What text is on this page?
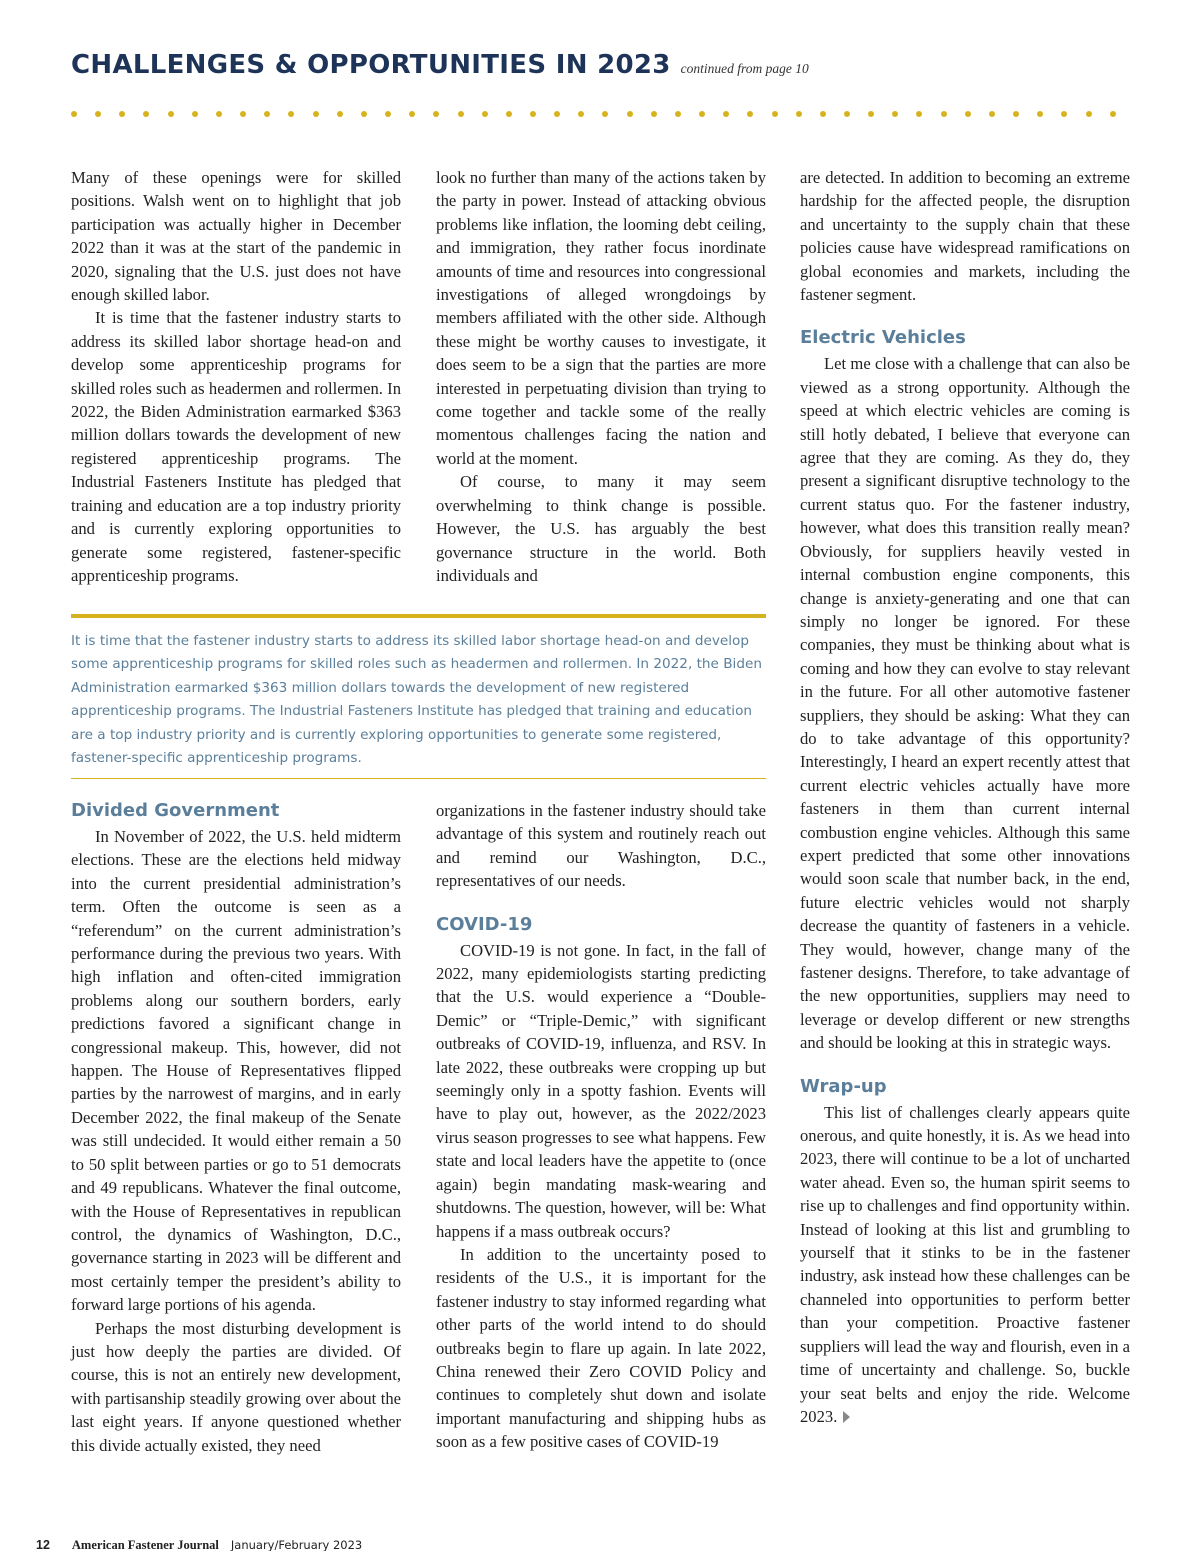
CHALLENGES & OPPORTUNITIES IN 2023 continued from page 10

Many of these openings were for skilled positions. Walsh went on to highlight that job participation was actually higher in December 2022 than it was at the start of the pandemic in 2020, signaling that the U.S. just does not have enough skilled labor.

It is time that the fastener industry starts to address its skilled labor shortage head-on and develop some apprenticeship programs for skilled roles such as headermen and rollermen. In 2022, the Biden Administration earmarked $363 million dollars towards the development of new registered apprenticeship programs. The Industrial Fasteners Institute has pledged that training and education are a top industry priority and is currently exploring opportunities to generate some registered, fastener-specific apprenticeship programs.

look no further than many of the actions taken by the party in power. Instead of attacking obvious problems like inflation, the looming debt ceiling, and immigration, they rather focus inordinate amounts of time and resources into congressional investigations of alleged wrongdoings by members affiliated with the other side. Although these might be worthy causes to investigate, it does seem to be a sign that the parties are more interested in perpetuating division than trying to come together and tackle some of the really momentous challenges facing the nation and world at the moment.

Of course, to many it may seem overwhelming to think change is possible. However, the U.S. has arguably the best governance structure in the world. Both individuals and

It is time that the fastener industry starts to address its skilled labor shortage head-on and develop some apprenticeship programs for skilled roles such as headermen and rollermen. In 2022, the Biden Administration earmarked $363 million dollars towards the development of new registered apprenticeship programs. The Industrial Fasteners Institute has pledged that training and education are a top industry priority and is currently exploring opportunities to generate some registered, fastener-specific apprenticeship programs.

Divided Government

In November of 2022, the U.S. held midterm elections. These are the elections held midway into the current presidential administration’s term. Often the outcome is seen as a “referendum” on the current administration’s performance during the previous two years. With high inflation and often-cited immigration problems along our southern borders, early predictions favored a significant change in congressional makeup. This, however, did not happen. The House of Representatives flipped parties by the narrowest of margins, and in early December 2022, the final makeup of the Senate was still undecided. It would either remain a 50 to 50 split between parties or go to 51 democrats and 49 republicans. Whatever the final outcome, with the House of Representatives in republican control, the dynamics of Washington, D.C., governance starting in 2023 will be different and most certainly temper the president’s ability to forward large portions of his agenda.

Perhaps the most disturbing development is just how deeply the parties are divided. Of course, this is not an entirely new development, with partisanship steadily growing over about the last eight years. If anyone questioned whether this divide actually existed, they need

organizations in the fastener industry should take advantage of this system and routinely reach out and remind our Washington, D.C., representatives of our needs.

COVID-19

COVID-19 is not gone. In fact, in the fall of 2022, many epidemiologists starting predicting that the U.S. would experience a “Double-Demic” or “Triple-Demic,” with significant outbreaks of COVID-19, influenza, and RSV. In late 2022, these outbreaks were cropping up but seemingly only in a spotty fashion. Events will have to play out, however, as the 2022/2023 virus season progresses to see what happens. Few state and local leaders have the appetite to (once again) begin mandating mask-wearing and shutdowns. The question, however, will be: What happens if a mass outbreak occurs?

In addition to the uncertainty posed to residents of the U.S., it is important for the fastener industry to stay informed regarding what other parts of the world intend to do should outbreaks begin to flare up again. In late 2022, China renewed their Zero COVID Policy and continues to completely shut down and isolate important manufacturing and shipping hubs as soon as a few positive cases of COVID-19

are detected. In addition to becoming an extreme hardship for the affected people, the disruption and uncertainty to the supply chain that these policies cause have widespread ramifications on global economies and markets, including the fastener segment.

Electric Vehicles

Let me close with a challenge that can also be viewed as a strong opportunity. Although the speed at which electric vehicles are coming is still hotly debated, I believe that everyone can agree that they are coming. As they do, they present a significant disruptive technology to the current status quo. For the fastener industry, however, what does this transition really mean? Obviously, for suppliers heavily vested in internal combustion engine components, this change is anxiety-generating and one that can simply no longer be ignored. For these companies, they must be thinking about what is coming and how they can evolve to stay relevant in the future. For all other automotive fastener suppliers, they should be asking: What they can do to take advantage of this opportunity? Interestingly, I heard an expert recently attest that current electric vehicles actually have more fasteners in them than current internal combustion engine vehicles. Although this same expert predicted that some other innovations would soon scale that number back, in the end, future electric vehicles would not sharply decrease the quantity of fasteners in a vehicle. They would, however, change many of the fastener designs. Therefore, to take advantage of the new opportunities, suppliers may need to leverage or develop different or new strengths and should be looking at this in strategic ways.

Wrap-up

This list of challenges clearly appears quite onerous, and quite honestly, it is. As we head into 2023, there will continue to be a lot of uncharted water ahead. Even so, the human spirit seems to rise up to challenges and find opportunity within. Instead of looking at this list and grumbling to yourself that it stinks to be in the fastener industry, ask instead how these challenges can be channeled into opportunities to perform better than your competition. Proactive fastener suppliers will lead the way and flourish, even in a time of uncertainty and challenge. So, buckle your seat belts and enjoy the ride. Welcome 2023.

12 American Fastener Journal January/February 2023
